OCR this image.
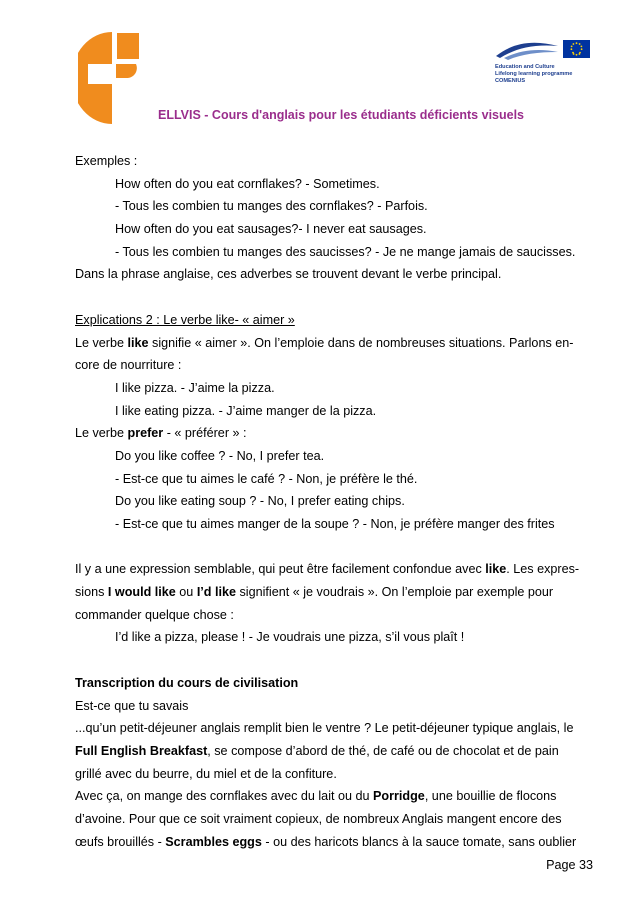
Education and Culture
Lifelong learning programme
COMENIUS
ELLVIS - Cours d'anglais pour les étudiants déficients visuels
Exemples :
How often do you eat cornflakes? - Sometimes.
- Tous les combien tu manges des cornflakes? - Parfois.
How often do you eat sausages?- I never eat sausages.
- Tous les combien tu manges des saucisses? - Je ne mange jamais de saucisses.
Dans la phrase anglaise, ces adverbes se trouvent devant le verbe principal.
Explications 2 : Le verbe like- « aimer »
Le verbe like signifie « aimer ». On l’emploie dans de nombreuses situations. Parlons en-
core de nourriture :
I like pizza. - J’aime la pizza.
I like eating pizza. - J’aime manger de la pizza.
Le verbe prefer - « préférer » :
Do you like coffee ? - No, I prefer tea.
- Est-ce que tu aimes le café ? - Non, je préfère le thé.
Do you like eating soup ? - No, I prefer eating chips.
- Est-ce que tu aimes manger de la soupe ? - Non, je préfère manger des frites
Il y a une expression semblable, qui peut être facilement confondue avec like. Les expres-
sions I would like ou I’d like signifient « je voudrais ». On l’emploie par exemple pour
commander quelque chose :
I’d like a pizza, please ! - Je voudrais une pizza, s’il vous plaît !
Transcription du cours de civilisation
Est-ce que tu savais
...qu’un petit-déjeuner anglais remplit bien le ventre ? Le petit-déjeuner typique anglais, le
Full English Breakfast, se compose d’abord de thé, de café ou de chocolat et de pain
grillé avec du beurre, du miel et de la confiture.
Avec ça, on mange des cornflakes avec du lait ou du Porridge, une bouillie de flocons
d’avoine. Pour que ce soit vraiment copieux, de nombreux Anglais mangent encore des
œufs brouillés - Scrambles eggs - ou des haricots blancs à la sauce tomate, sans oublier
Page 33
